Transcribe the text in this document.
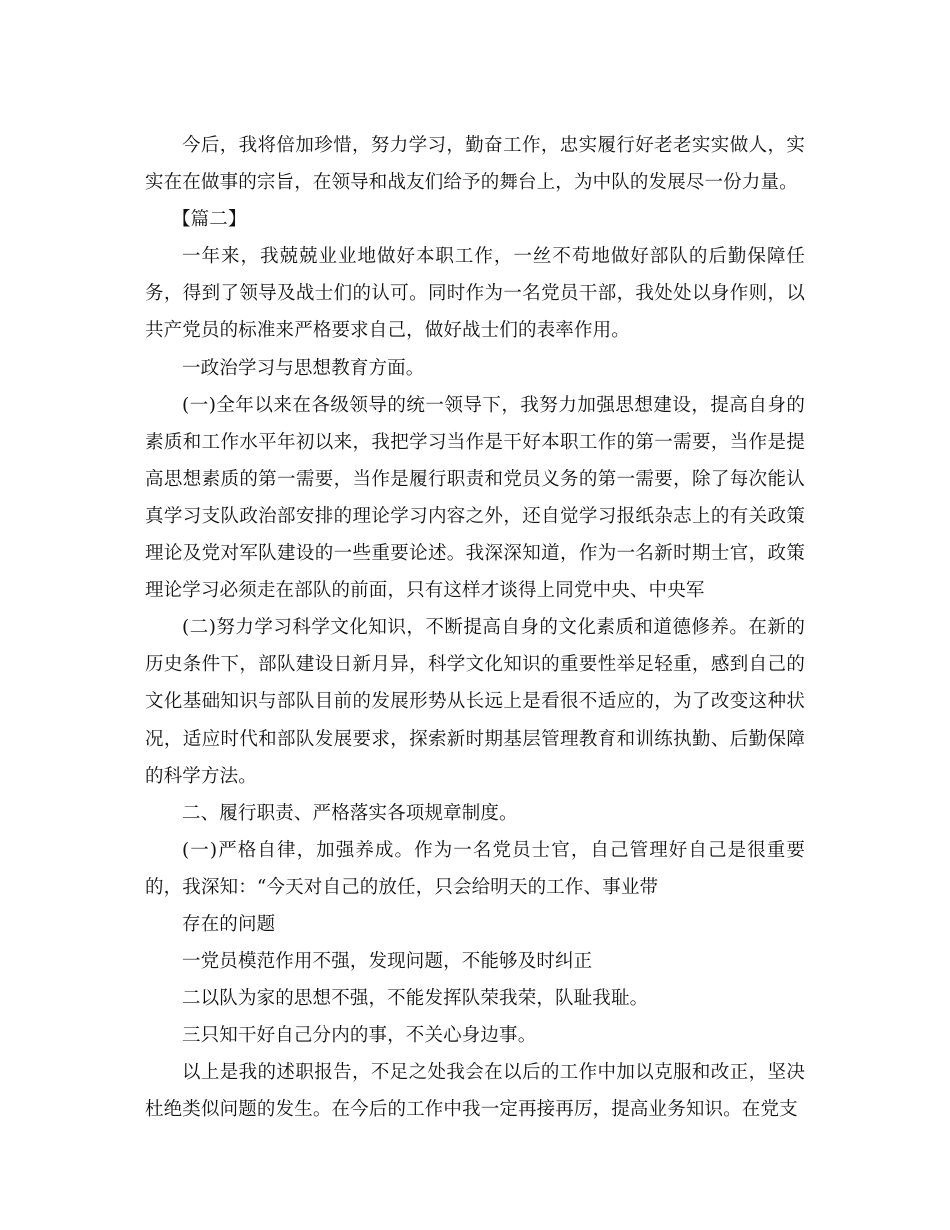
今后，我将倍加珍惜，努力学习，勤奋工作，忠实履行好老老实实做人，实实在在做事的宗旨，在领导和战友们给予的舞台上，为中队的发展尽一份力量。

【篇二】

一年来，我兢兢业业地做好本职工作，一丝不苟地做好部队的后勤保障任务，得到了领导及战士们的认可。同时作为一名党员干部，我处处以身作则，以共产党员的标准来严格要求自己，做好战士们的表率作用。

一政治学习与思想教育方面。

(一)全年以来在各级领导的统一领导下，我努力加强思想建设，提高自身的素质和工作水平年初以来，我把学习当作是干好本职工作的第一需要，当作是提高思想素质的第一需要，当作是履行职责和党员义务的第一需要，除了每次能认真学习支队政治部安排的理论学习内容之外，还自觉学习报纸杂志上的有关政策理论及党对军队建设的一些重要论述。我深深知道，作为一名新时期士官，政策理论学习必须走在部队的前面，只有这样才谈得上同党中央、中央军

(二)努力学习科学文化知识，不断提高自身的文化素质和道德修养。在新的历史条件下，部队建设日新月异，科学文化知识的重要性举足轻重，感到自己的文化基础知识与部队目前的发展形势从长远上是看很不适应的，为了改变这种状况，适应时代和部队发展要求，探索新时期基层管理教育和训练执勤、后勤保障的科学方法。

二、履行职责、严格落实各项规章制度。

(一)严格自律，加强养成。作为一名党员士官，自己管理好自己是很重要的，我深知：“今天对自己的放任，只会给明天的工作、事业带

存在的问题

一党员模范作用不强，发现问题，不能够及时纠正

二以队为家的思想不强，不能发挥队荣我荣，队耻我耻。

三只知干好自己分内的事，不关心身边事。

以上是我的述职报告，不足之处我会在以后的工作中加以克服和改正，坚决杜绝类似问题的发生。在今后的工作中我一定再接再厉，提高业务知识。在党支
